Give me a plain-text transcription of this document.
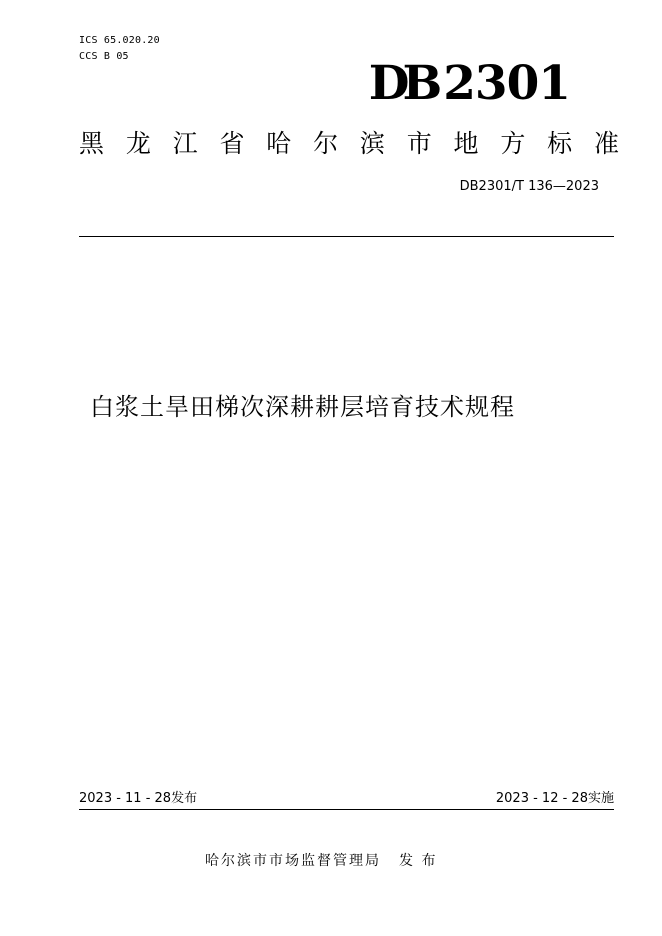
ICS 65.020.20
CCS B 05	DB 2301
黑 龙 江 省 哈 尔 滨 市 地 方 标 准
DB2301/T 136—2023
白浆土旱田梯次深耕耕层培育技术规程
2023 - 11 - 28发布	2023 - 12 - 28实施
哈尔滨市市场监督管理局 发 布
